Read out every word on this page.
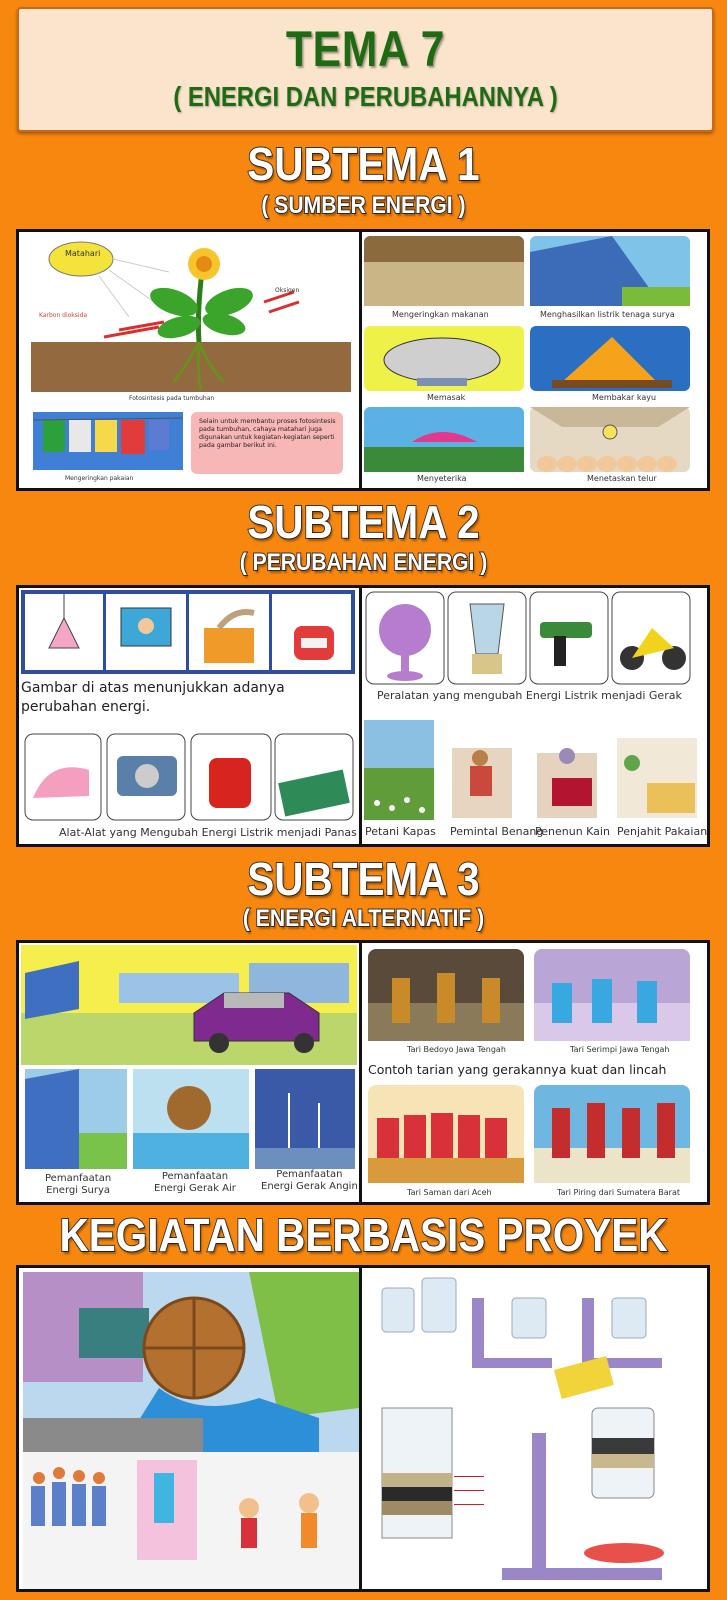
TEMA 7
( ENERGI DAN PERUBAHANNYA )
SUBTEMA 1
( SUMBER ENERGI )
Matahari
Karbon dioksida
Oksigen
Fotosintesis pada tumbuhan
Mengeringkan pakaian
Selain untuk membantu proses fotosintesis pada tumbuhan, cahaya matahari juga digunakan untuk kegiatan-kegiatan seperti pada gambar berikut ini.
Mengeringkan makanan	Menghasilkan listrik tenaga surya
Memasak	Membakar kayu
Menyeterika	Menetaskan telur
SUBTEMA 2
( PERUBAHAN ENERGI )
Gambar di atas menunjukkan adanya perubahan energi.
Alat-Alat yang Mengubah Energi Listrik menjadi Panas
Peralatan yang mengubah Energi Listrik menjadi Gerak
Petani Kapas Pemintal Benang
Penenun Kain Penjahit Pakaian
SUBTEMA 3
( ENERGI ALTERNATIF )
Pemanfaatan
Energi Surya
Pemanfaatan
Energi Gerak Air
Pemanfaatan
Energi Gerak Angin
Tari Bedoyo Jawa Tengah	Tari Serimpi Jawa Tengah
Contoh tarian yang gerakannya kuat dan lincah
Tari Saman dari Aceh	Tari Piring dari Sumatera Barat
KEGIATAN BERBASIS PROYEK
